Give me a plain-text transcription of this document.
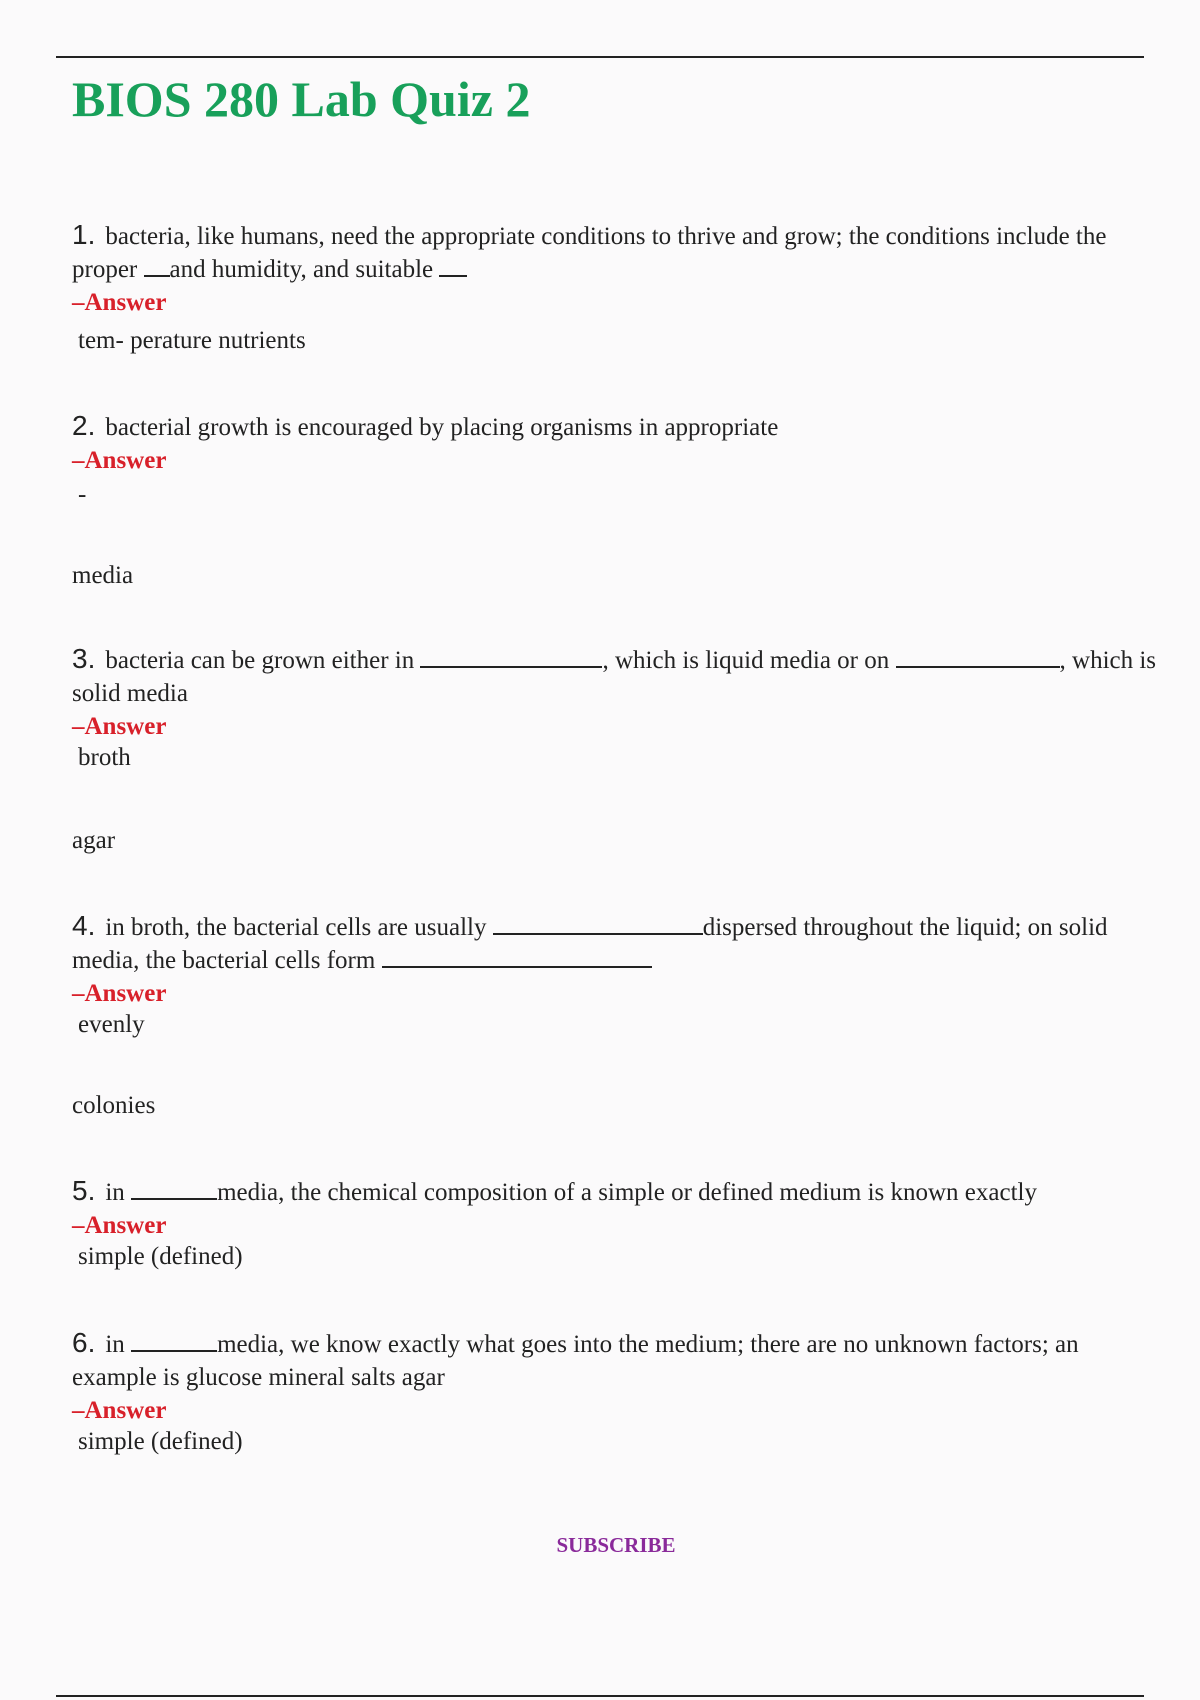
BIOS 280 Lab Quiz 2
1. bacteria, like humans, need the appropriate conditions to thrive and grow; the conditions include the proper and humidity, and suitable
–Answer
tem- perature nutrients
2. bacterial growth is encouraged by placing organisms in appropriate
–Answer
-
media
3. bacteria can be grown either in	, which is liquid media or on	, which is solid media
–Answer
broth
agar
4. in broth, the bacterial cells are usually	dispersed throughout the liquid; on solid media, the bacterial cells form
–Answer
evenly
colonies
5. in	media, the chemical composition of a simple or defined medium is known exactly
–Answer
simple (defined)
6. in	media, we know exactly what goes into the medium; there are no unknown factors; an example is glucose mineral salts agar
–Answer
simple (defined)
SUBSCRIBE
